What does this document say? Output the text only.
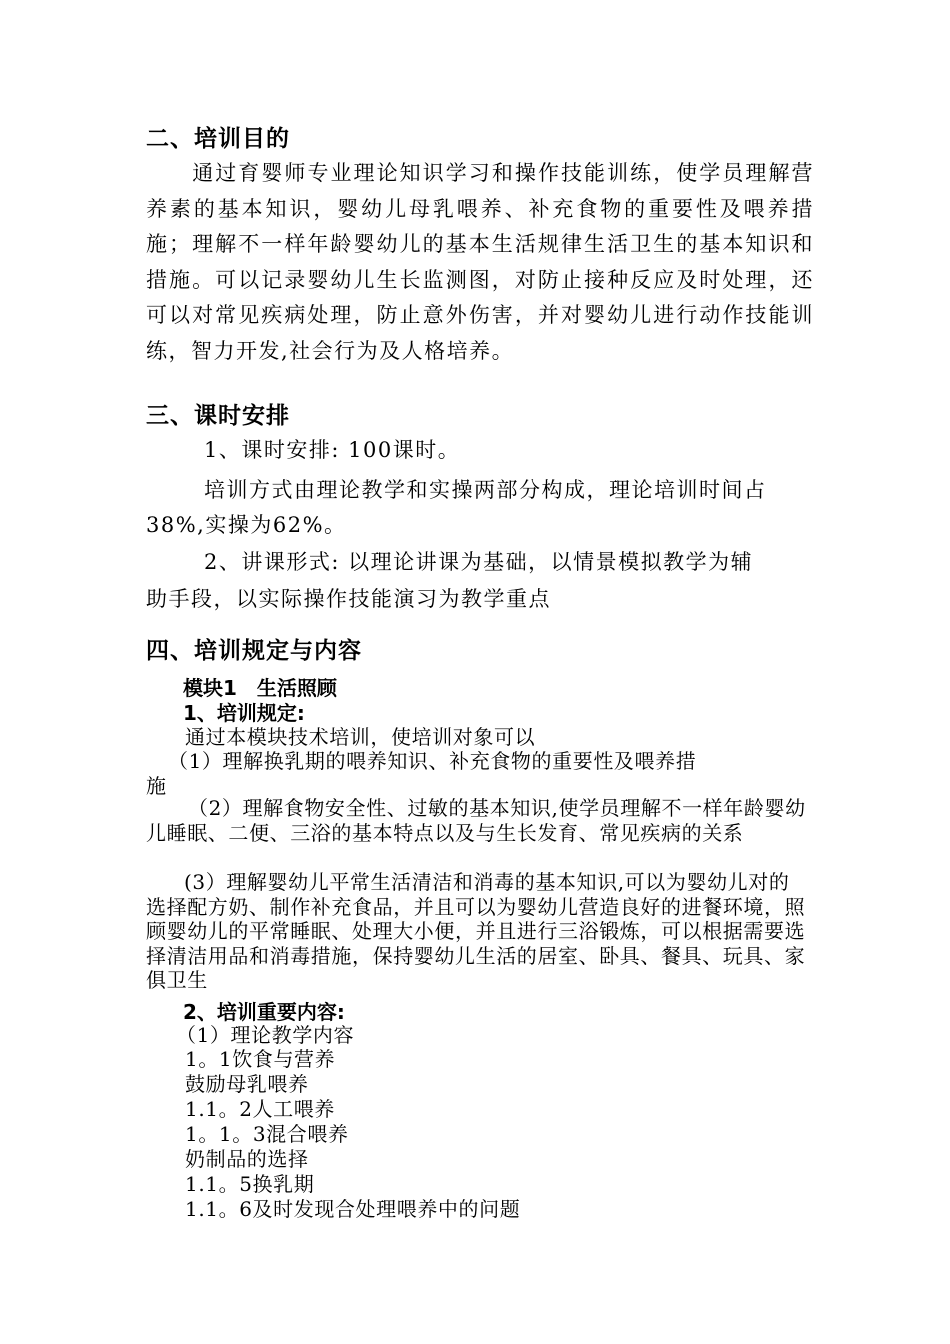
二、培训目的

通过育婴师专业理论知识学习和操作技能训练，使学员理解营养素的基本知识，婴幼儿母乳喂养、补充食物的重要性及喂养措施；理解不一样年龄婴幼儿的基本生活规律生活卫生的基本知识和措施。可以记录婴幼儿生长监测图，对防止接种反应及时处理，还可以对常见疾病处理，防止意外伤害，并对婴幼儿进行动作技能训练，智力开发,社会行为及人格培养。

三、课时安排
1、课时安排: 100课时。
培训方式由理论教学和实操两部分构成，理论培训时间占
38%,实操为62%。
2、讲课形式: 以理论讲课为基础，以情景模拟教学为辅
助手段，以实际操作技能演习为教学重点
四、培训规定与内容
模块1　生活照顾
1、培训规定:
通过本模块技术培训，使培训对象可以
（1）理解换乳期的喂养知识、补充食物的重要性及喂养措
施

（2）理解食物安全性、过敏的基本知识,使学员理解不一样年龄婴幼儿睡眠、二便、三浴的基本特点以及与生长发育、常见疾病的关系

(3）理解婴幼儿平常生活清洁和消毒的基本知识,可以为婴幼儿对的选择配方奶、制作补充食品，并且可以为婴幼儿营造良好的进餐环境，照顾婴幼儿的平常睡眠、处理大小便，并且进行三浴锻炼，可以根据需要选择清洁用品和消毒措施，保持婴幼儿生活的居室、卧具、餐具、玩具、家俱卫生

2、培训重要内容:
（1）理论教学内容
1。1饮食与营养
鼓励母乳喂养
1.1。2人工喂养
1。1。3混合喂养
奶制品的选择
1.1。5换乳期
1.1。6及时发现合处理喂养中的问题
